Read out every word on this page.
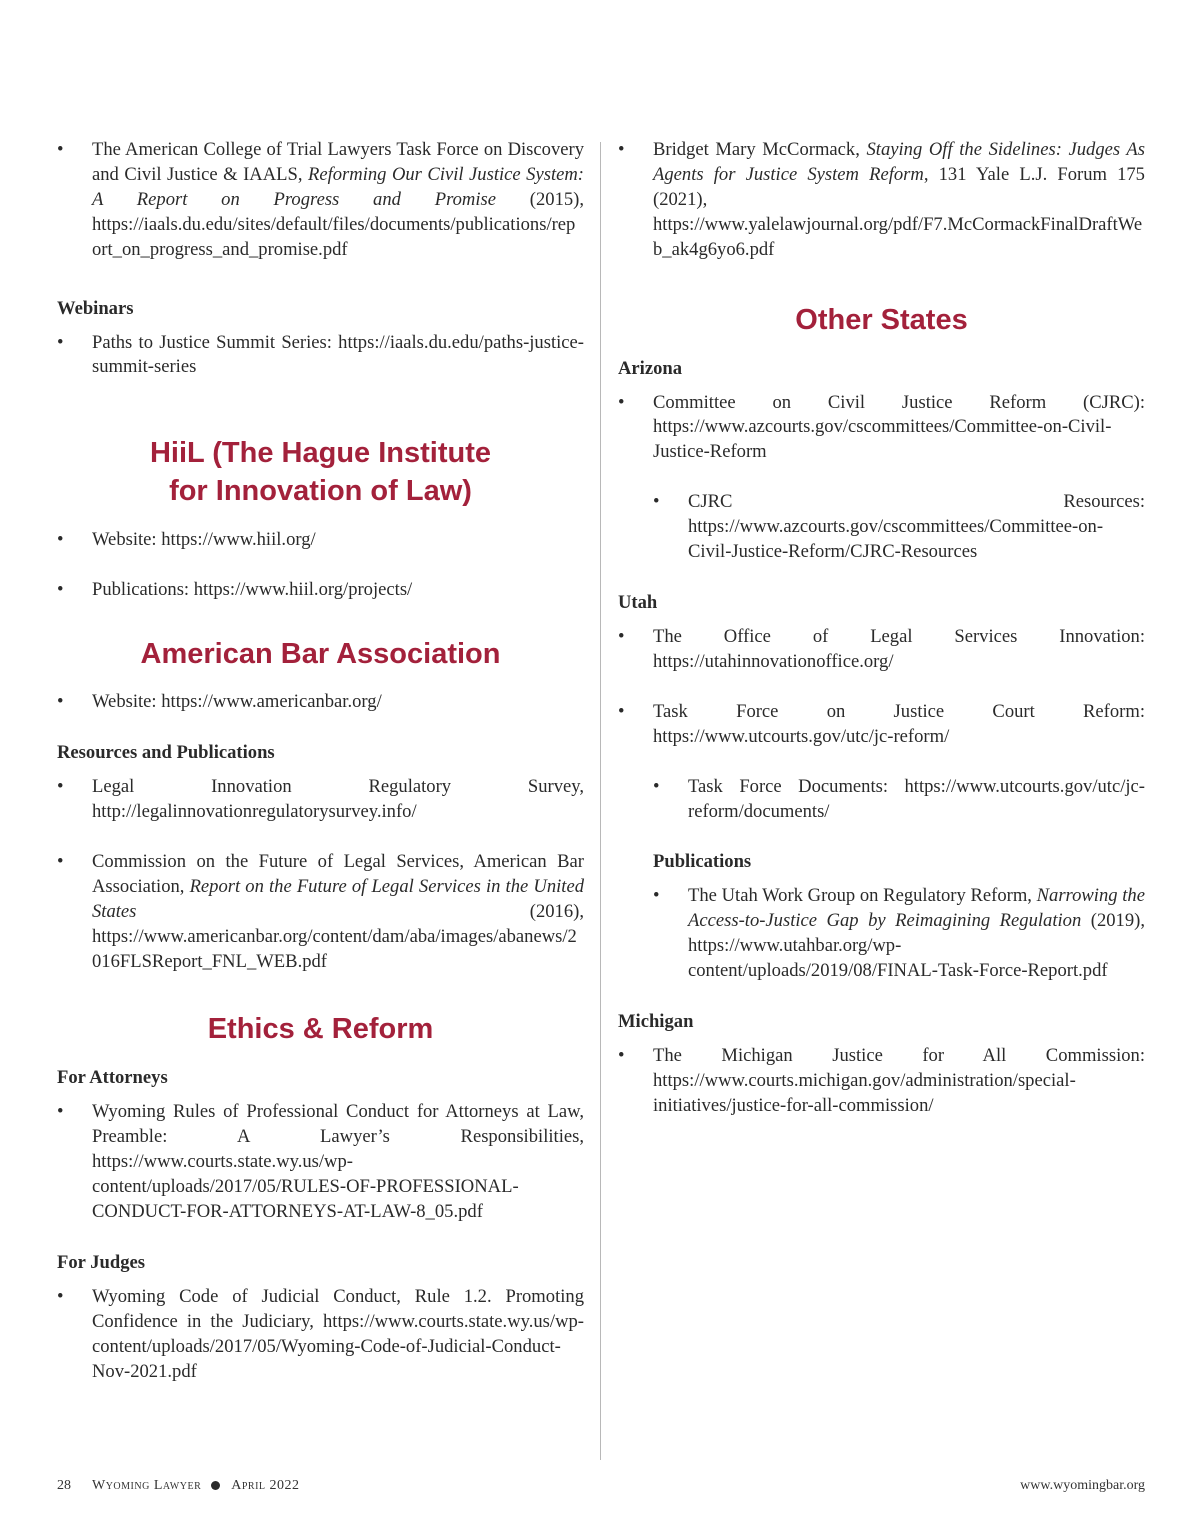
• The American College of Trial Lawyers Task Force on Discovery and Civil Justice & IAALS, Reforming Our Civil Justice System: A Report on Progress and Promise (2015), https://iaals.du.edu/sites/default/files/documents/publications/report_on_progress_and_promise.pdf
Webinars
• Paths to Justice Summit Series: https://iaals.du.edu/paths-justice-summit-series
HiiL (The Hague Institute
for Innovation of Law)
• Website: https://www.hiil.org/
• Publications: https://www.hiil.org/projects/
American Bar Association
• Website: https://www.americanbar.org/
Resources and Publications
• Legal Innovation Regulatory Survey, http://legalinnovationregulatorysurvey.info/
• Commission on the Future of Legal Services, American Bar Association, Report on the Future of Legal Services in the United States (2016), https://www.americanbar.org/content/dam/aba/images/abanews/2016FLSReport_FNL_WEB.pdf
Ethics & Reform
For Attorneys
• Wyoming Rules of Professional Conduct for Attorneys at Law, Preamble: A Lawyer’s Responsibilities, https://www.courts.state.wy.us/wp-content/uploads/2017/05/RULES-OF-PROFESSIONAL-CONDUCT-FOR-ATTORNEYS-AT-LAW-8_05.pdf
For Judges
• Wyoming Code of Judicial Conduct, Rule 1.2. Promoting Confidence in the Judiciary, https://www.courts.state.wy.us/wp-content/uploads/2017/05/Wyoming-Code-of-Judicial-Conduct-Nov-2021.pdf
• Bridget Mary McCormack, Staying Off the Sidelines: Judges As Agents for Justice System Reform, 131 Yale L.J. Forum 175 (2021), https://www.yalelawjournal.org/pdf/F7.McCormackFinalDraftWeb_ak4g6yo6.pdf
Other States
Arizona
• Committee on Civil Justice Reform (CJRC): https://www.azcourts.gov/cscommittees/Committee-on-Civil-Justice-Reform
• CJRC Resources: https://www.azcourts.gov/cscommittees/Committee-on-Civil-Justice-Reform/CJRC-Resources
Utah
• The Office of Legal Services Innovation: https://utahinnovationoffice.org/
• Task Force on Justice Court Reform: https://www.utcourts.gov/utc/jc-reform/
• Task Force Documents: https://www.utcourts.gov/utc/jc-reform/documents/
Publications
• The Utah Work Group on Regulatory Reform, Narrowing the Access-to-Justice Gap by Reimagining Regulation (2019), https://www.utahbar.org/wp-content/uploads/2019/08/FINAL-Task-Force-Report.pdf
Michigan
• The Michigan Justice for All Commission: https://www.courts.michigan.gov/administration/special-initiatives/justice-for-all-commission/
28 Wyoming Lawyer April 2022	www.wyomingbar.org
